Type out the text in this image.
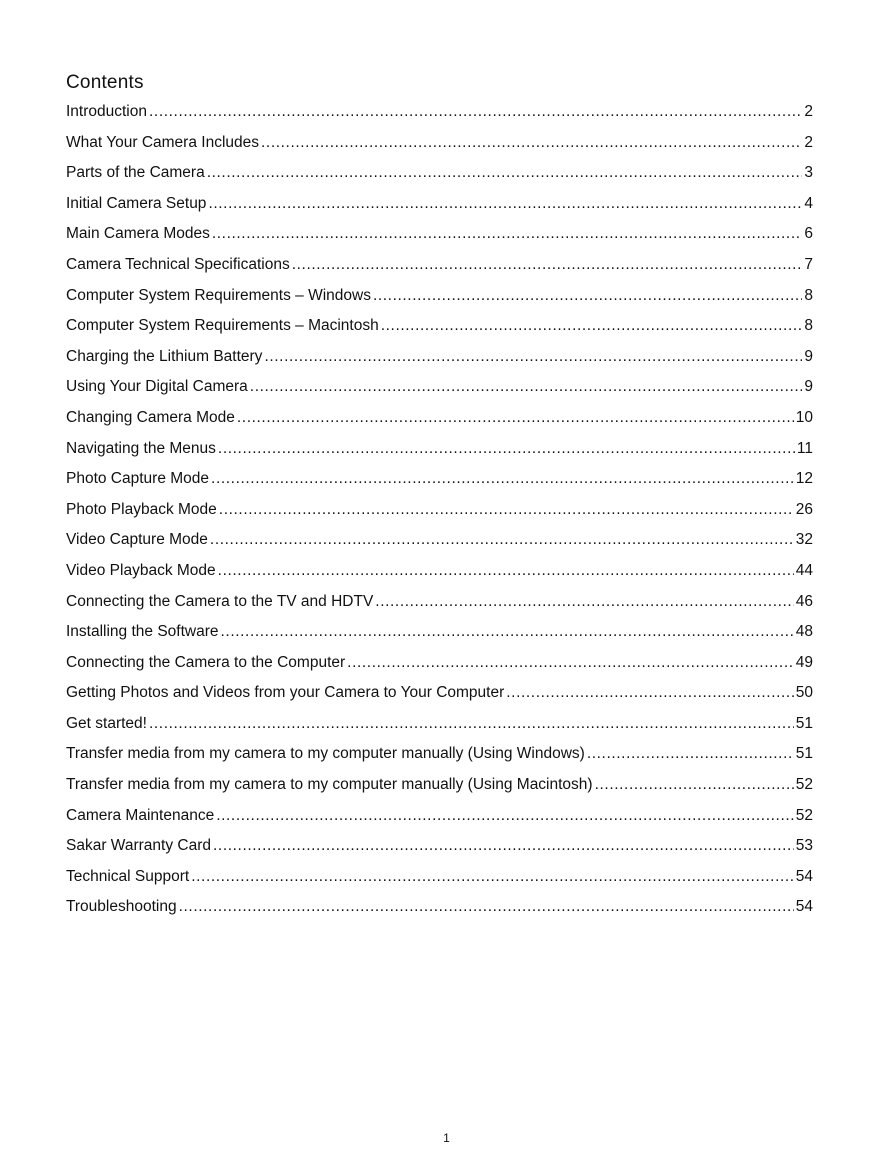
Contents
Introduction .....	2
What Your Camera Includes .....	2
Parts of the Camera .....	3
Initial Camera Setup .....	4
Main Camera Modes .....	6
Camera Technical Specifications .....	7
Computer System Requirements – Windows .....	8
Computer System Requirements – Macintosh .....	8
Charging the Lithium Battery .....	9
Using Your Digital Camera .....	9
Changing Camera Mode .....	10
Navigating the Menus .....	11
Photo Capture Mode .....	12
Photo Playback Mode .....	26
Video Capture Mode .....	32
Video Playback Mode .....	44
Connecting the Camera to the TV and HDTV .....	46
Installing the Software .....	48
Connecting the Camera to the Computer .....	49
Getting Photos and Videos from your Camera to Your Computer .....	50
Get started! .....	51
Transfer media from my camera to my computer manually (Using Windows) .....	51
Transfer media from my camera to my computer manually (Using Macintosh) .....	52
Camera Maintenance .....	52
Sakar Warranty Card .....	53
Technical Support .....	54
Troubleshooting .....	54
1
